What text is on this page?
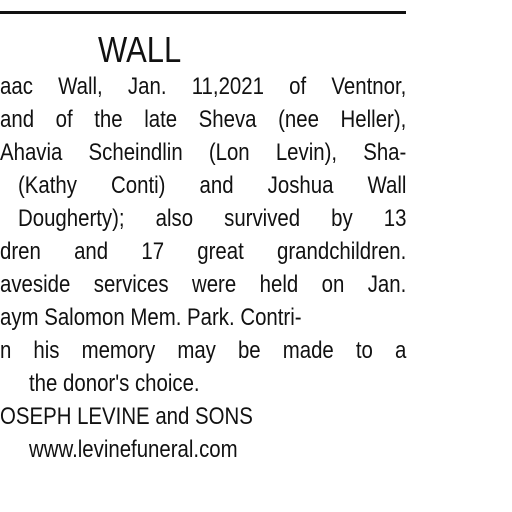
WALL

aac Wall, Jan. 11,2021 of Ventnor,

and of the late Sheva (nee Heller),

Ahavia Scheindlin (Lon Levin), Sha-

(Kathy Conti) and Joshua Wall

Dougherty); also survived by 13

dren and 17 great grandchildren.

aveside services were held on Jan.

aym Salomon Mem. Park. Contri-

n his memory may be made to a

the donor's choice.

OSEPH LEVINE and SONS

www.levinefuneral.com
